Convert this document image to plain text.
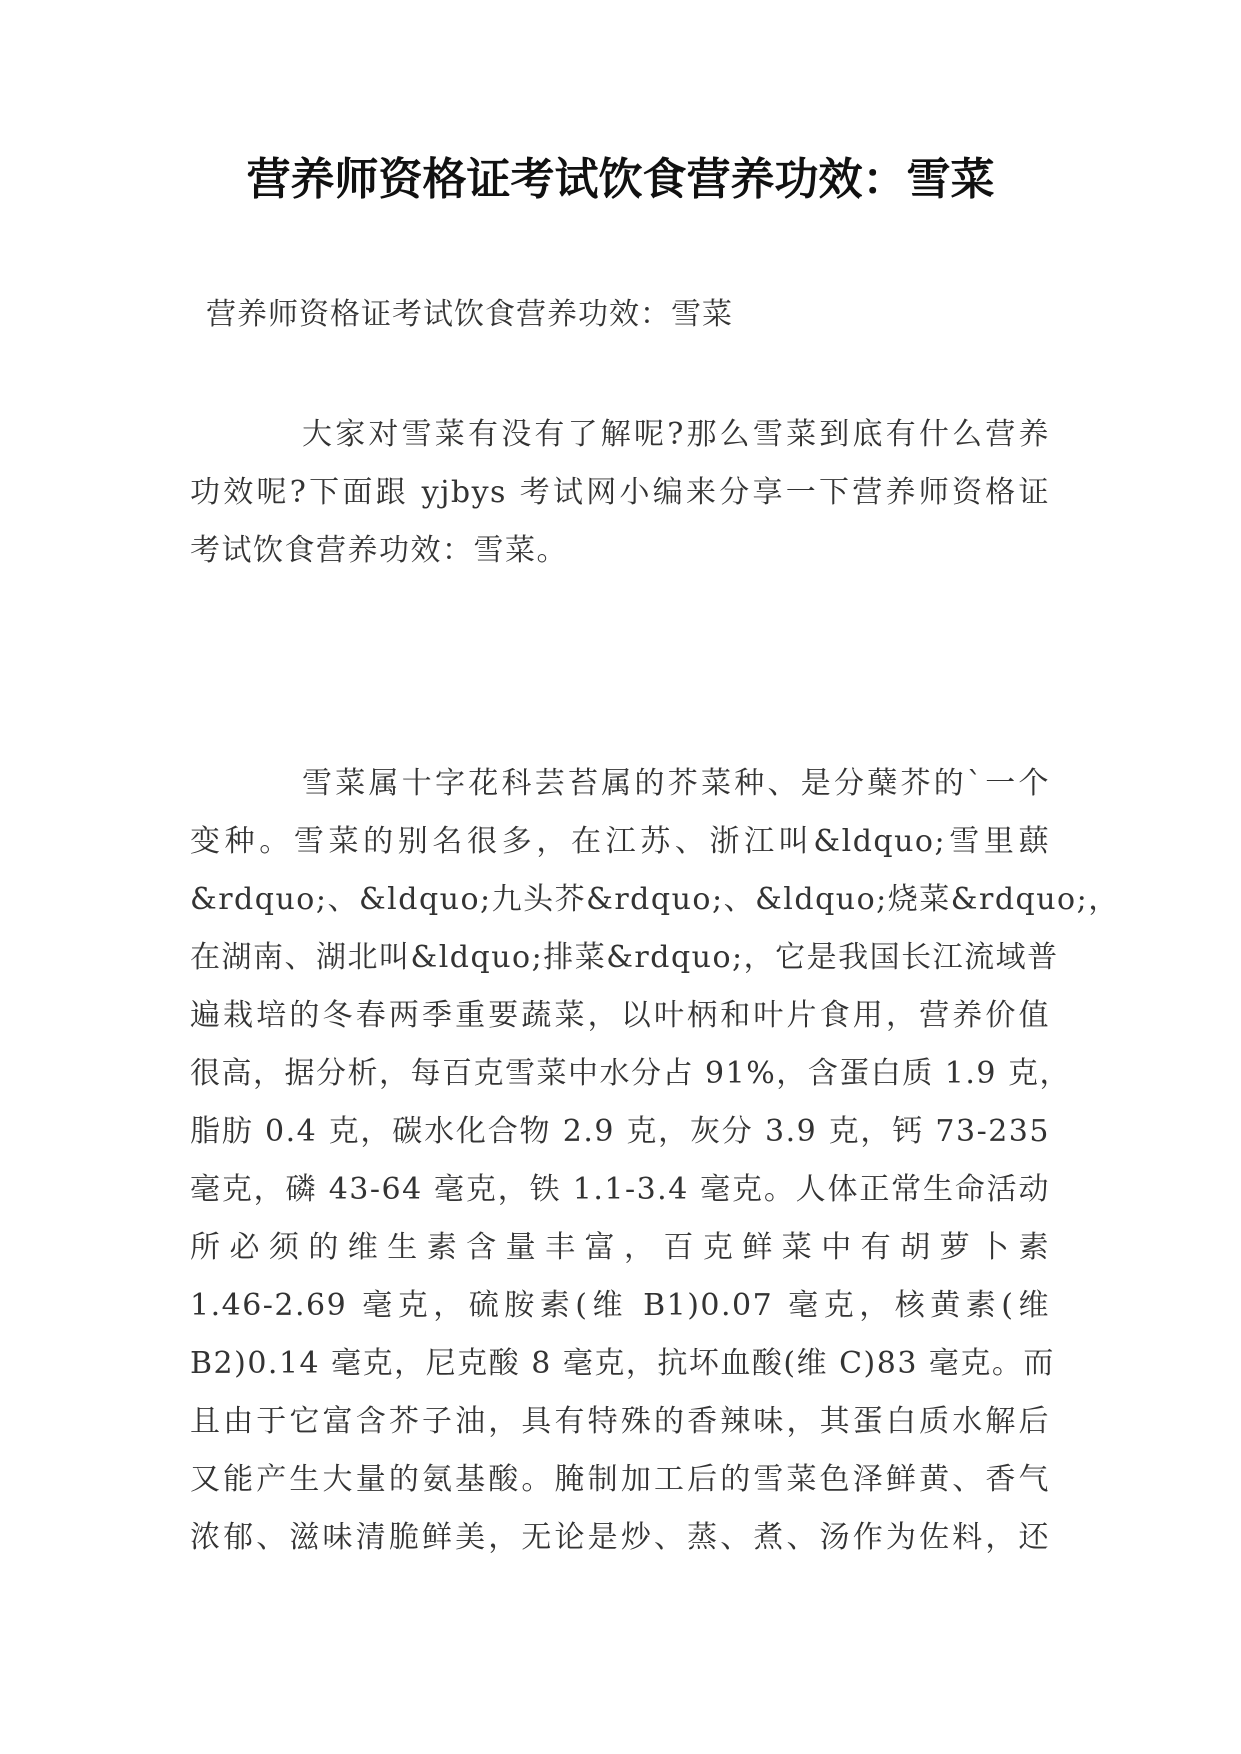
营养师资格证考试饮食营养功效：雪菜

营养师资格证考试饮食营养功效：雪菜

大家对雪菜有没有了解呢?那么雪菜到底有什么营养
功效呢?下面跟 yjbys 考试网小编来分享一下营养师资格证
考试饮食营养功效：雪菜。
雪菜属十字花科芸苔属的芥菜种、是分蘖芥的`一个
变种。雪菜的别名很多，在江苏、浙江叫&ldquo;雪里蕻
&rdquo;、&ldquo;九头芥&rdquo;、&ldquo;烧菜&rdquo;，
在湖南、湖北叫&ldquo;排菜&rdquo;，它是我国长江流域普
遍栽培的冬春两季重要蔬菜，以叶柄和叶片食用，营养价值
很高，据分析，每百克雪菜中水分占 91%，含蛋白质 1.9 克，
脂肪 0.4 克，碳水化合物 2.9 克，灰分 3.9 克，钙 73-235
毫克，磷 43-64 毫克，铁 1.1-3.4 毫克。人体正常生命活动
所必须的维生素含量丰富，百克鲜菜中有胡萝卜素
1.46-2.69 毫克，硫胺素(维 B1)0.07 毫克，核黄素(维
B2)0.14 毫克，尼克酸 8 毫克，抗坏血酸(维 C)83 毫克。而
且由于它富含芥子油，具有特殊的香辣味，其蛋白质水解后
又能产生大量的氨基酸。腌制加工后的雪菜色泽鲜黄、香气
浓郁、滋味清脆鲜美，无论是炒、蒸、煮、汤作为佐料，还
